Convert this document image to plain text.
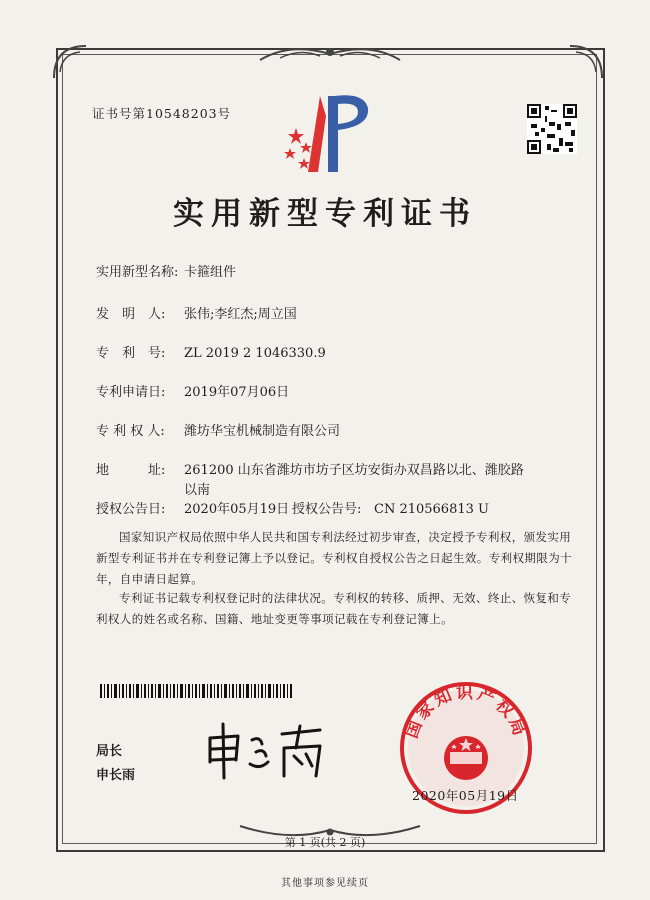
证书号第10548203号
实用新型专利证书
实用新型名称: 卡箍组件
发　明　人: 张伟;李红杰;周立国
专　利　号: ZL 2019 2 1046330.9
专利申请日: 2019年07月06日
专 利 权 人: 潍坊华宝机械制造有限公司
地　　　址: 261200 山东省潍坊市坊子区坊安街办双昌路以北、潍胶路以南
授权公告日: 2020年05月19日 授权公告号: CN 210566813 U
国家知识产权局依照中华人民共和国专利法经过初步审查，决定授予专利权，颁发实用新型专利证书并在专利登记簿上予以登记。专利权自授权公告之日起生效。专利权期限为十年，自申请日起算。
专利证书记载专利权登记时的法律状况。专利权的转移、质押、无效、终止、恢复和专利权人的姓名或名称、国籍、地址变更等事项记载在专利登记簿上。
局长
申长雨
国家知识产权局
2020年05月19日
第 1 页(共 2 页)
其他事项参见续页
